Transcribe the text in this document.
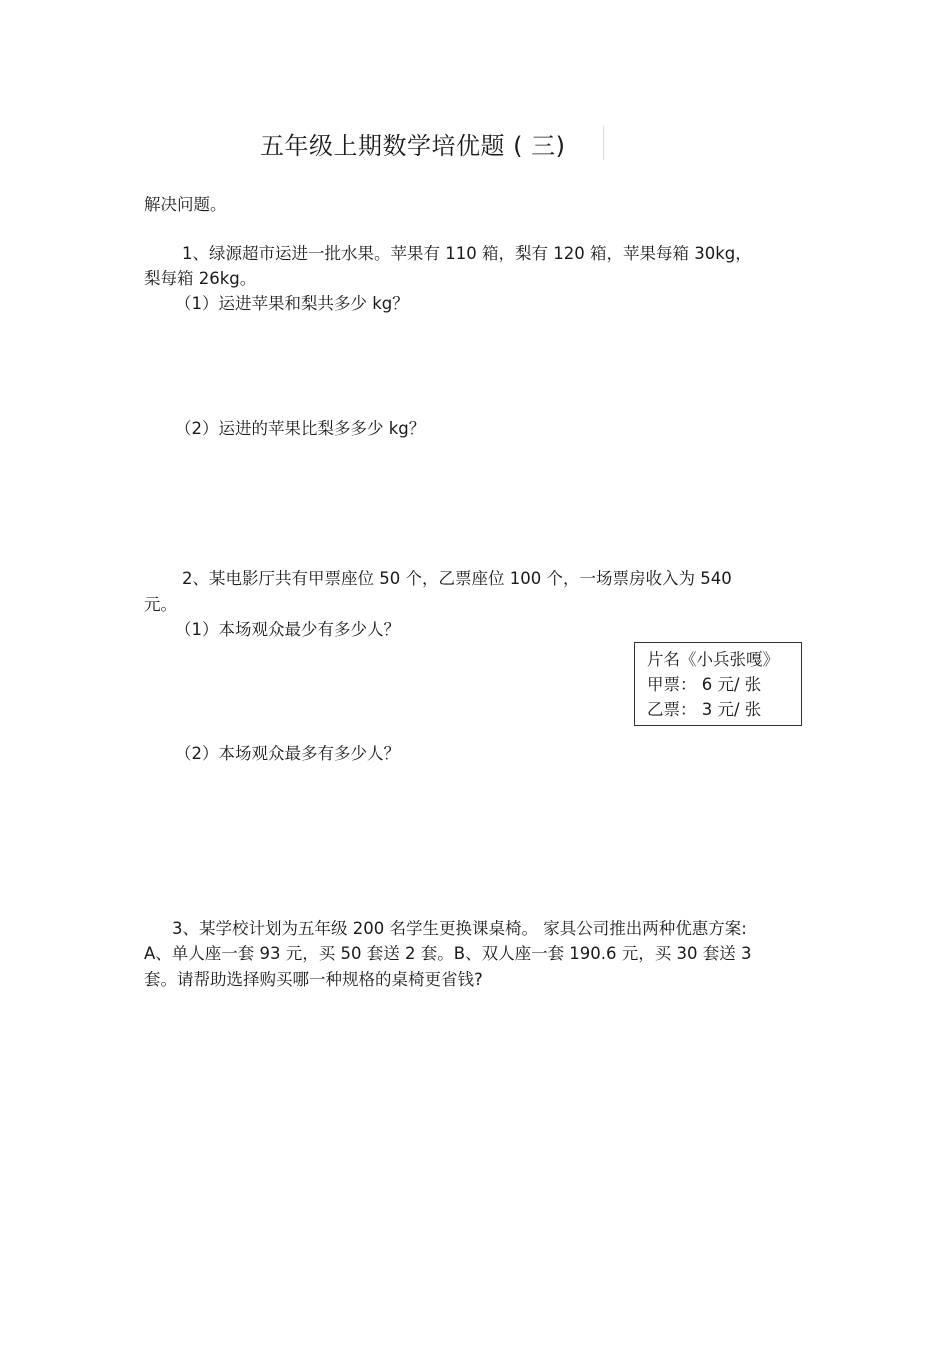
五年级上期数学培优题 ( 三)
解决问题。
1、绿源超市运进一批水果。苹果有 110 箱，梨有 120 箱，苹果每箱 30kg，
梨每箱 26kg。
（1）运进苹果和梨共多少 kg？
（2）运进的苹果比梨多多少 kg？
2、某电影厅共有甲票座位 50 个，乙票座位 100 个，一场票房收入为 540
元。
（1）本场观众最少有多少人？
片名《小兵张嘎》
甲票： 6 元/ 张
乙票： 3 元/ 张
（2）本场观众最多有多少人？
3、某学校计划为五年级 200 名学生更换课桌椅。 家具公司推出两种优惠方案:
A、单人座一套 93 元，买 50 套送 2 套。B、双人座一套 190.6 元，买 30 套送 3
套。请帮助选择购买哪一种规格的桌椅更省钱?
